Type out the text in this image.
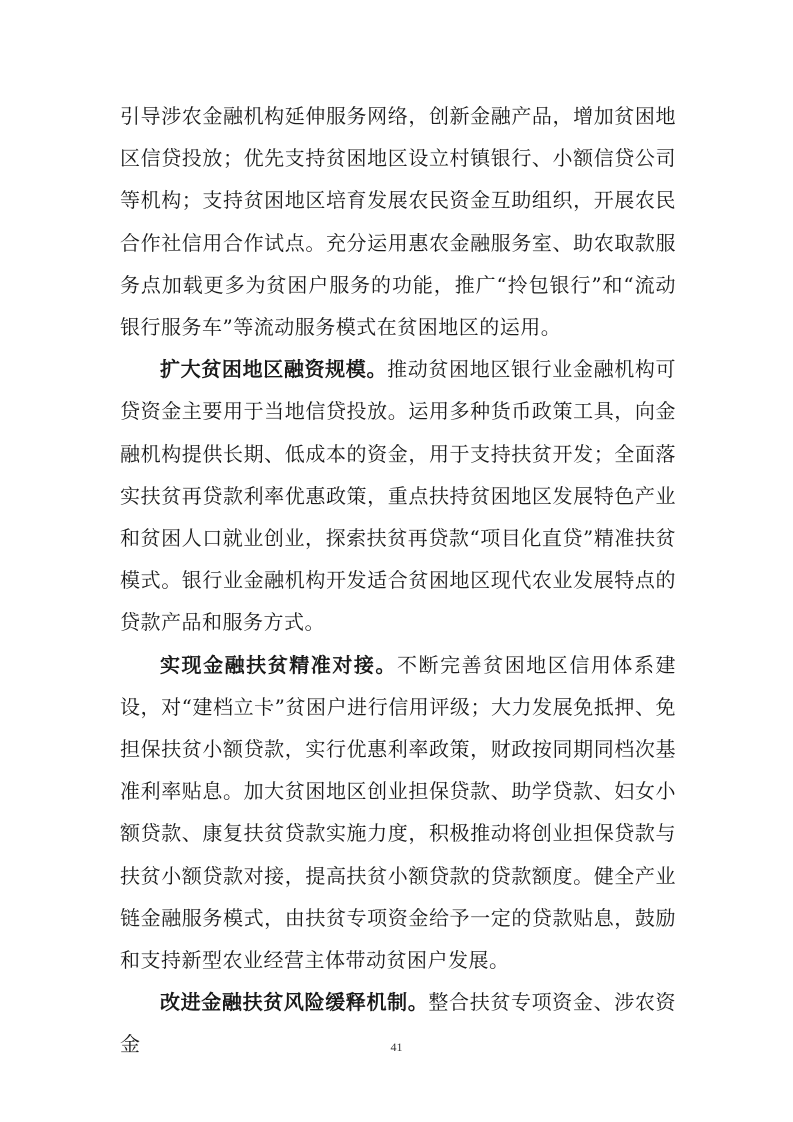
引导涉农金融机构延伸服务网络，创新金融产品，增加贫困地区信贷投放；优先支持贫困地区设立村镇银行、小额信贷公司等机构；支持贫困地区培育发展农民资金互助组织，开展农民合作社信用合作试点。充分运用惠农金融服务室、助农取款服务点加载更多为贫困户服务的功能，推广“拎包银行”和“流动银行服务车”等流动服务模式在贫困地区的运用。

扩大贫困地区融资规模。推动贫困地区银行业金融机构可贷资金主要用于当地信贷投放。运用多种货币政策工具，向金融机构提供长期、低成本的资金，用于支持扶贫开发；全面落实扶贫再贷款利率优惠政策，重点扶持贫困地区发展特色产业和贫困人口就业创业，探索扶贫再贷款“项目化直贷”精准扶贫模式。银行业金融机构开发适合贫困地区现代农业发展特点的贷款产品和服务方式。

实现金融扶贫精准对接。不断完善贫困地区信用体系建设，对“建档立卡”贫困户进行信用评级；大力发展免抵押、免担保扶贫小额贷款，实行优惠利率政策，财政按同期同档次基准利率贴息。加大贫困地区创业担保贷款、助学贷款、妇女小额贷款、康复扶贫贷款实施力度，积极推动将创业担保贷款与扶贫小额贷款对接，提高扶贫小额贷款的贷款额度。健全产业链金融服务模式，由扶贫专项资金给予一定的贷款贴息，鼓励和支持新型农业经营主体带动贫困户发展。

改进金融扶贫风险缓释机制。整合扶贫专项资金、涉农资金	41
